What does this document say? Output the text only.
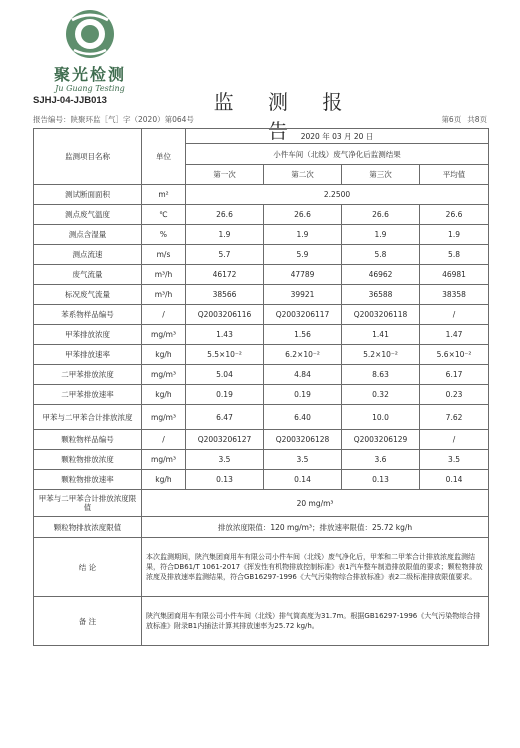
聚光检测
Ju Guang Testing
SJHJ-04-JJB013	监 测 报 告
报告编号：陕聚环监［气］字（2020）第064号	第6页 共8页
监测项目名称	单位	2020 年 03 月 20 日			
		小件车间（北线）废气净化后监测结果			
		第一次	第二次	第三次	平均值
测试断面面积	m²	2.2500			
测点废气温度	℃	26.6	26.6	26.6	26.6
测点含湿量	%	1.9	1.9	1.9	1.9
测点流速	m/s	5.7	5.9	5.8	5.8
废气流量	m³/h	46172	47789	46962	46981
标况废气流量	m³/h	38566	39921	36588	38358
苯系物样品编号	/	Q2003206116	Q2003206117	Q2003206118	/
甲苯排放浓度	mg/m³	1.43	1.56	1.41	1.47
甲苯排放速率	kg/h	5.5×10⁻²	6.2×10⁻²	5.2×10⁻²	5.6×10⁻²
二甲苯排放浓度	mg/m³	5.04	4.84	8.63	6.17
二甲苯排放速率	kg/h	0.19	0.19	0.32	0.23
甲苯与二甲苯合计排放浓度	mg/m³	6.47	6.40	10.0	7.62
颗粒物样品编号	/	Q2003206127	Q2003206128	Q2003206129	/
颗粒物排放浓度	mg/m³	3.5	3.5	3.6	3.5
颗粒物排放速率	kg/h	0.13	0.14	0.13	0.14
甲苯与二甲苯合计排放浓度限值	20 mg/m³				
颗粒物排放浓度限值	排放浓度限值：120 mg/m³；排放速率限值：25.72 kg/h				
结 论	本次监测期间，陕汽集团商用车有限公司小件车间（北线）废气净化后，甲苯和二甲苯合计排放浓度监测结果，符合DB61/T 1061-2017《挥发性有机物排放控制标准》表1汽车整车制造排放限值的要求；颗粒物排放浓度及排放速率监测结果，符合GB16297-1996《大气污染物综合排放标准》表2二级标准排放限值要求。				
备 注	陕汽集团商用车有限公司小件车间（北线）排气筒高度为31.7m。根据GB16297-1996《大气污染物综合排放标准》附录B1内插法计算其排放速率为25.72 kg/h。				
